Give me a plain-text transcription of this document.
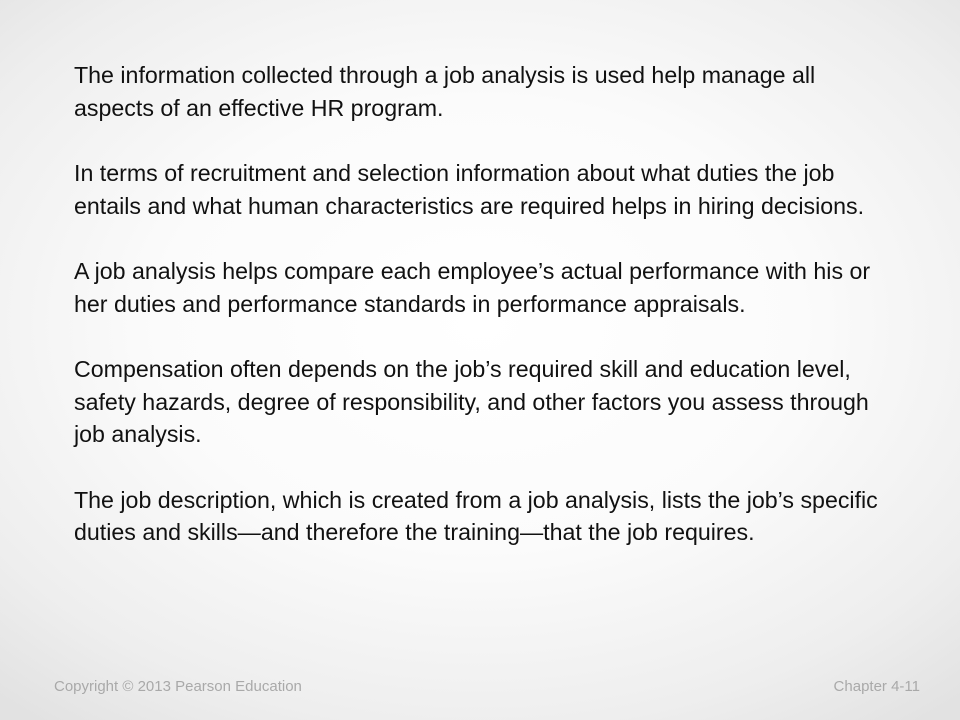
The information collected through a job analysis is used help manage all aspects of an effective HR program.

In terms of recruitment and selection information about what duties the job entails and what human characteristics are required helps in hiring decisions.

A job analysis helps compare each employee’s actual performance with his or her duties and performance standards in performance appraisals.

Compensation often depends on the job’s required skill and education level, safety hazards, degree of responsibility, and other factors you assess through job analysis.

The job description, which is created from a job analysis, lists the job’s specific duties and skills—and therefore the training—that the job requires.

Copyright © 2013 Pearson Education	Chapter 4-11
